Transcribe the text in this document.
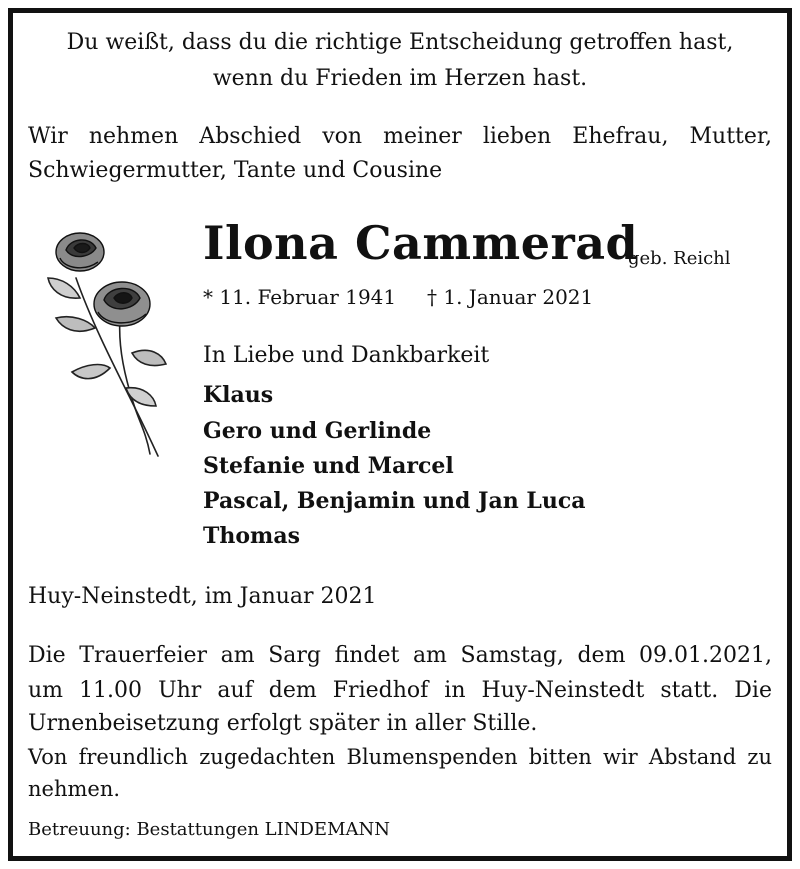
Du weißt, dass du die richtige Entscheidung getroffen hast,

wenn du Frieden im Herzen hast.

Wir nehmen Abschied von meiner lieben Ehefrau, Mutter,

Schwiegermutter, Tante und Cousine

Ilona Cammerad

geb. Reichl

* 11. Februar 1941 † 1. Januar 2021

In Liebe und Dankbarkeit

Klaus

Gero und Gerlinde

Stefanie und Marcel

Pascal, Benjamin und Jan Luca

Thomas

Huy-Neinstedt, im Januar 2021

Die Trauerfeier am Sarg findet am Samstag, dem 09.01.2021,

um 11.00 Uhr auf dem Friedhof in Huy-Neinstedt statt. Die

Urnenbeisetzung erfolgt später in aller Stille.

Von freundlich zugedachten Blumenspenden bitten wir Abstand zu

nehmen.

Betreuung: Bestattungen LINDEMANN
